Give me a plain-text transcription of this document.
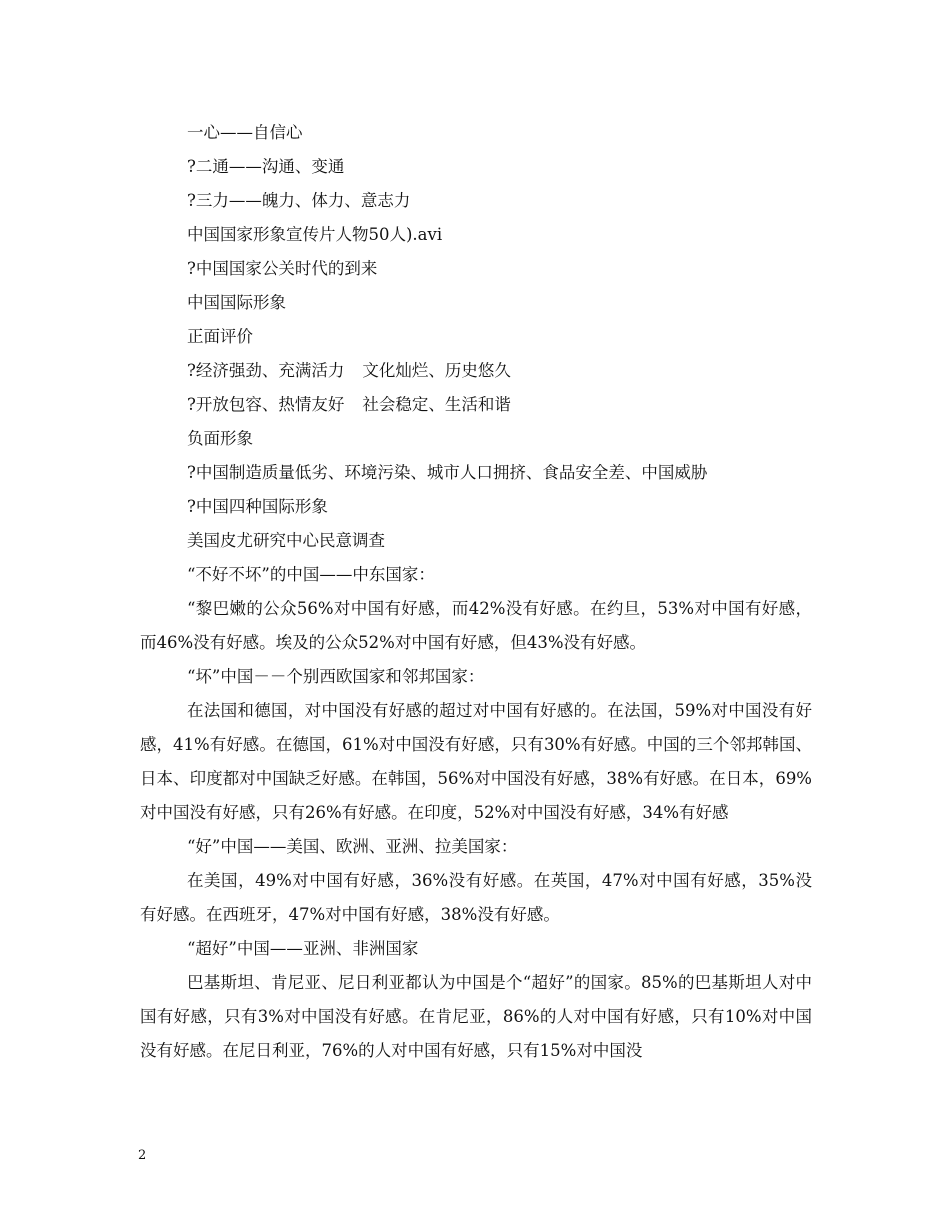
一心——自信心

?二通——沟通、变通

?三力——魄力、体力、意志力

中国国家形象宣传片人物50人).avi

?中国国家公关时代的到来

中国国际形象

正面评价

?经济强劲、充满活力 文化灿烂、历史悠久

?开放包容、热情友好 社会稳定、生活和谐

负面形象

?中国制造质量低劣、环境污染、城市人口拥挤、食品安全差、中国威胁

?中国四种国际形象

美国皮尤研究中心民意调查

“不好不坏”的中国——中东国家：

“黎巴嫩的公众56%对中国有好感，而42%没有好感。在约旦，53%对中国有好感，而46%没有好感。埃及的公众52%对中国有好感，但43%没有好感。

“坏”中国－－个别西欧国家和邻邦国家：

在法国和德国，对中国没有好感的超过对中国有好感的。在法国，59%对中国没有好感，41%有好感。在德国，61%对中国没有好感，只有30%有好感。中国的三个邻邦韩国、日本、印度都对中国缺乏好感。在韩国，56%对中国没有好感，38%有好感。在日本，69%对中国没有好感，只有26%有好感。在印度，52%对中国没有好感，34%有好感

“好”中国——美国、欧洲、亚洲、拉美国家：

在美国，49%对中国有好感，36%没有好感。在英国，47%对中国有好感，35%没有好感。在西班牙，47%对中国有好感，38%没有好感。

“超好”中国——亚洲、非洲国家

巴基斯坦、肯尼亚、尼日利亚都认为中国是个“超好”的国家。85%的巴基斯坦人对中国有好感，只有3%对中国没有好感。在肯尼亚，86%的人对中国有好感，只有10%对中国没有好感。在尼日利亚，76%的人对中国有好感，只有15%对中国没

2
